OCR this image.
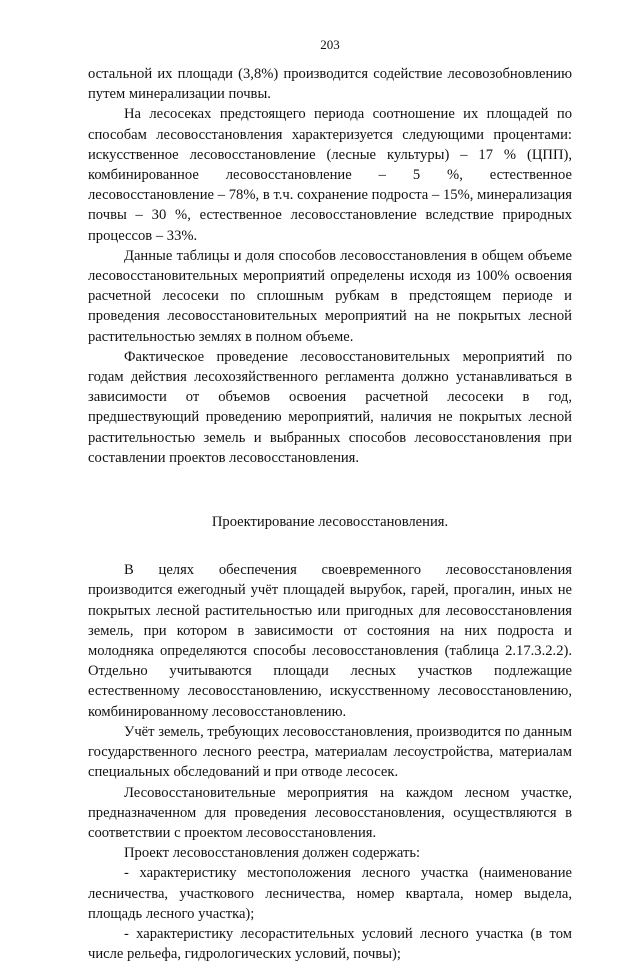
203

остальной их площади (3,8%) производится содействие лесовозобновлению путем минерализации почвы.

На лесосеках предстоящего периода соотношение их площадей по способам лесовосстановления характеризуется следующими процентами: искусственное лесовосстановление (лесные культуры) – 17 % (ЦПП), комбинированное лесовосстановление – 5 %, естественное лесовосстановление – 78%, в т.ч. сохранение подроста – 15%, минерализация почвы – 30 %, естественное лесовосстановление вследствие природных процессов – 33%.

Данные таблицы и доля способов лесовосстановления в общем объеме лесовосстановительных мероприятий определены исходя из 100% освоения расчетной лесосеки по сплошным рубкам в предстоящем периоде и проведения лесовосстановительных мероприятий на не покрытых лесной растительностью землях в полном объеме.

Фактическое проведение лесовосстановительных мероприятий по годам действия лесохозяйственного регламента должно устанавливаться в зависимости от объемов освоения расчетной лесосеки в год, предшествующий проведению мероприятий, наличия не покрытых лесной растительностью земель и выбранных способов лесовосстановления при составлении проектов лесовосстановления.

Проектирование лесовосстановления.

В целях обеспечения своевременного лесовосстановления производится ежегодный учёт площадей вырубок, гарей, прогалин, иных не покрытых лесной растительностью или пригодных для лесовосстановления земель, при котором в зависимости от состояния на них подроста и молодняка определяются способы лесовосстановления (таблица 2.17.3.2.2). Отдельно учитываются площади лесных участков подлежащие естественному лесовосстановлению, искусственному лесовосстановлению, комбинированному лесовосстановлению.

Учёт земель, требующих лесовосстановления, производится по данным государственного лесного реестра, материалам лесоустройства, материалам специальных обследований и при отводе лесосек.

Лесовосстановительные мероприятия на каждом лесном участке, предназначенном для проведения лесовосстановления, осуществляются в соответствии с проектом лесовосстановления.

Проект лесовосстановления должен содержать:

- характеристику местоположения лесного участка (наименование лесничества, участкового лесничества, номер квартала, номер выдела, площадь лесного участка);

- характеристику лесорастительных условий лесного участка (в том числе рельефа, гидрологических условий, почвы);
